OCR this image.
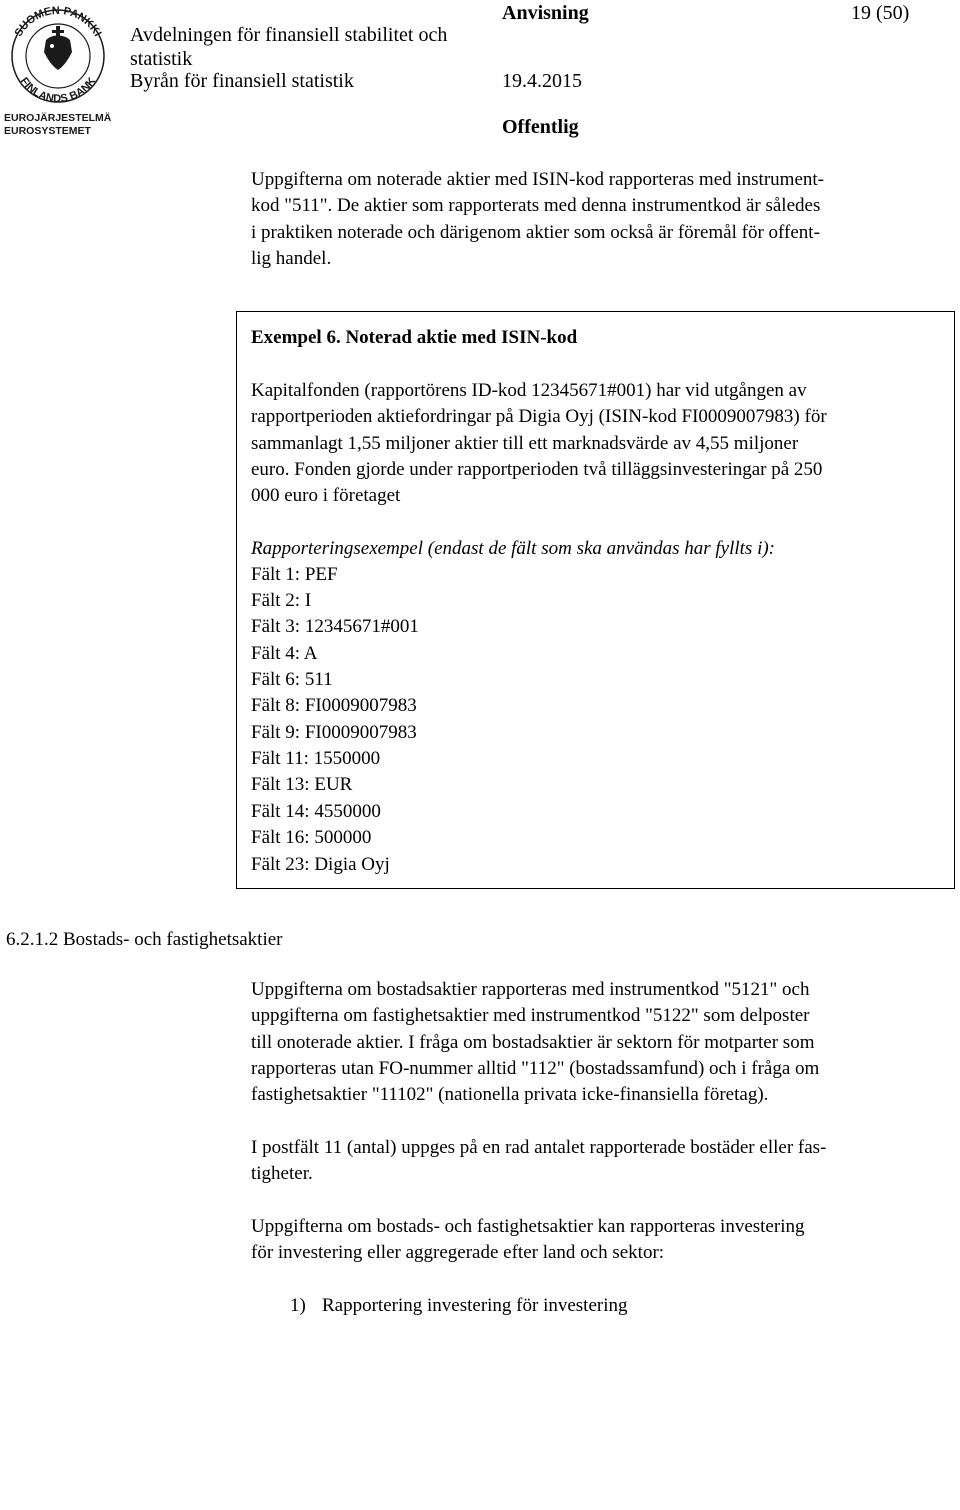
SUOMEN PANKKI
FINLANDS BANK
EUROJÄRJESTELMÄ
EUROSYSTEMET
Avdelningen för finansiell stabilitet och
statistik
Byrån för finansiell statistik
Anvisning	19 (50)
19.4.2015
Offentlig
Uppgifterna om noterade aktier med ISIN-kod rapporteras med instrument-
kod "511". De aktier som rapporterats med denna instrumentkod är således
i praktiken noterade och därigenom aktier som också är föremål för offent-
lig handel.
Exempel 6. Noterad aktie med ISIN-kod
Kapitalfonden (rapportörens ID-kod 12345671#001) har vid utgången av
rapportperioden aktiefordringar på Digia Oyj (ISIN-kod FI0009007983) för
sammanlagt 1,55 miljoner aktier till ett marknadsvärde av 4,55 miljoner
euro. Fonden gjorde under rapportperioden två tilläggsinvesteringar på 250
000 euro i företaget
Rapporteringsexempel (endast de fält som ska användas har fyllts i):
Fält 1: PEF
Fält 2: I
Fält 3: 12345671#001
Fält 4: A
Fält 6: 511
Fält 8: FI0009007983
Fält 9: FI0009007983
Fält 11: 1550000
Fält 13: EUR
Fält 14: 4550000
Fält 16: 500000
Fält 23: Digia Oyj
6.2.1.2 Bostads- och fastighetsaktier
Uppgifterna om bostadsaktier rapporteras med instrumentkod "5121" och
uppgifterna om fastighetsaktier med instrumentkod "5122" som delposter
till onoterade aktier. I fråga om bostadsaktier är sektorn för motparter som
rapporteras utan FO-nummer alltid "112" (bostadssamfund) och i fråga om
fastighetsaktier "11102" (nationella privata icke-finansiella företag).
I postfält 11 (antal) uppges på en rad antalet rapporterade bostäder eller fas-
tigheter.
Uppgifterna om bostads- och fastighetsaktier kan rapporteras investering
för investering eller aggregerade efter land och sektor:
1) Rapportering investering för investering
